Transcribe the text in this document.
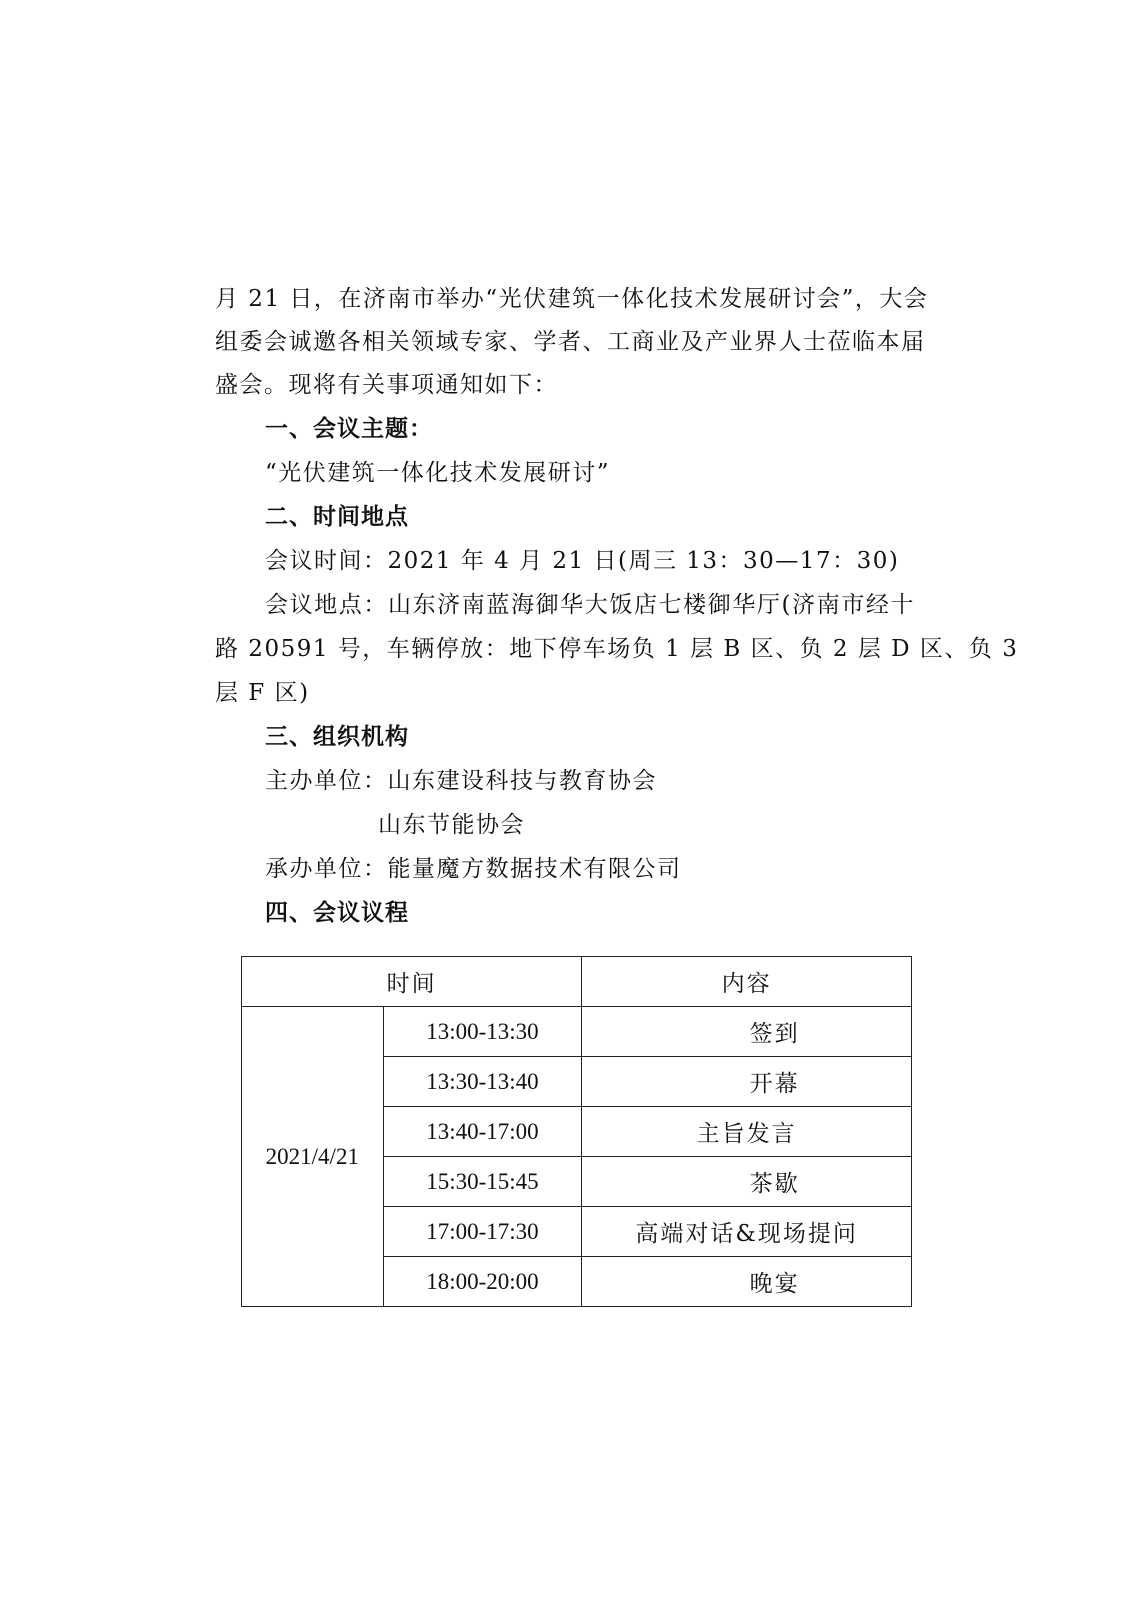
月 21 日，在济南市举办“光伏建筑一体化技术发展研讨会”，大会
组委会诚邀各相关领域专家、学者、工商业及产业界人士莅临本届
盛会。现将有关事项通知如下：
一、会议主题：
“光伏建筑一体化技术发展研讨”
二、时间地点
会议时间：2021 年 4 月 21 日(周三 13：30—17：30)
会议地点：山东济南蓝海御华大饭店七楼御华厅(济南市经十
路 20591 号，车辆停放：地下停车场负 1 层 B 区、负 2 层 D 区、负 3
层 F 区)
三、组织机构
主办单位：山东建设科技与教育协会
山东节能协会
承办单位：能量魔方数据技术有限公司
四、会议议程
时间		内容
2021/4/21	13:00-13:30	签到
	13:30-13:40	开幕
	13:40-17:00	主旨发言
	15:30-15:45	茶歇
	17:00-17:30	高端对话&现场提问
	18:00-20:00	晚宴
